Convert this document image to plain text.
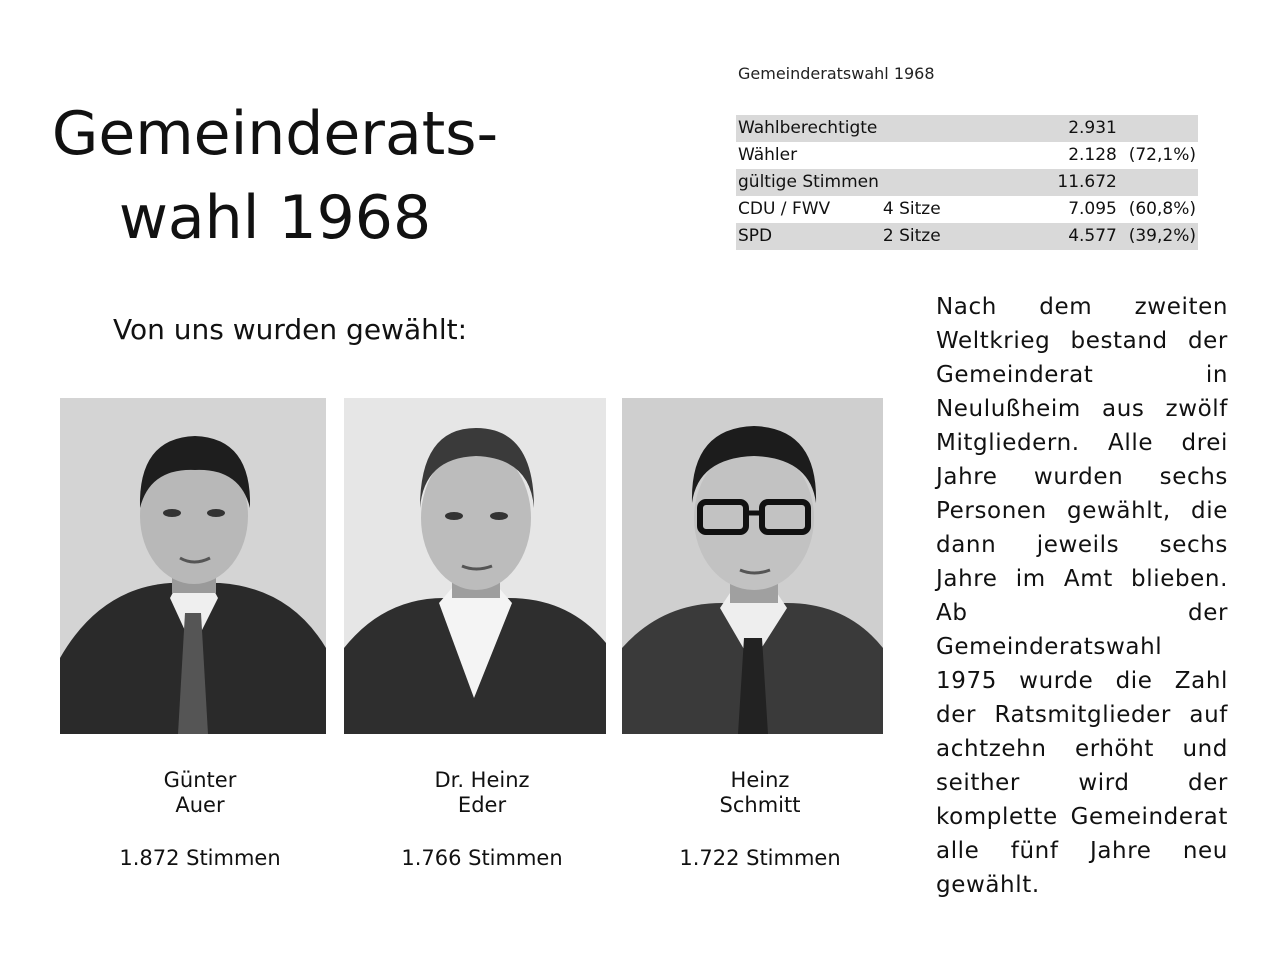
Gemeinderats-
wahl 1968
Gemeinderatswahl 1968
Wahlberechtigte		2.931	
Wähler		2.128	(72,1%)
gültige Stimmen		11.672	
CDU / FWV	4 Sitze	7.095	(60,8%)
SPD	2 Sitze	4.577	(39,2%)
Von uns wurden gewählt:
Günter
Auer
1.872 Stimmen
Dr. Heinz
Eder
1.766 Stimmen
Heinz
Schmitt
1.722 Stimmen

Nach dem zweiten Weltkrieg bestand der Gemeinderat in Neulußheim aus zwölf Mitgliedern. Alle drei Jahre wurden sechs Personen gewählt, die dann jeweils sechs Jahre im Amt blieben. Ab der Gemeinderatswahl 1975 wurde die Zahl der Ratsmitglieder auf achtzehn erhöht und seither wird der komplette Gemeinderat alle fünf Jahre neu gewählt.
